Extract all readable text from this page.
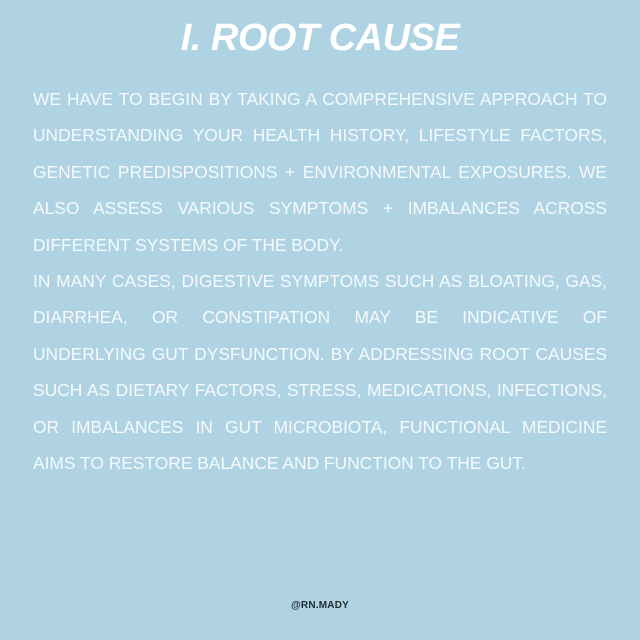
I. ROOT CAUSE

WE HAVE TO BEGIN BY TAKING A COMPREHENSIVE APPROACH TO UNDERSTANDING YOUR HEALTH HISTORY, LIFESTYLE FACTORS, GENETIC PREDISPOSITIONS + ENVIRONMENTAL EXPOSURES. WE ALSO ASSESS VARIOUS SYMPTOMS + IMBALANCES ACROSS DIFFERENT SYSTEMS OF THE BODY.

IN MANY CASES, DIGESTIVE SYMPTOMS SUCH AS BLOATING, GAS, DIARRHEA, OR CONSTIPATION MAY BE INDICATIVE OF UNDERLYING GUT DYSFUNCTION. BY ADDRESSING ROOT CAUSES SUCH AS DIETARY FACTORS, STRESS, MEDICATIONS, INFECTIONS, OR IMBALANCES IN GUT MICROBIOTA, FUNCTIONAL MEDICINE AIMS TO RESTORE BALANCE AND FUNCTION TO THE GUT.

@RN.MADY
